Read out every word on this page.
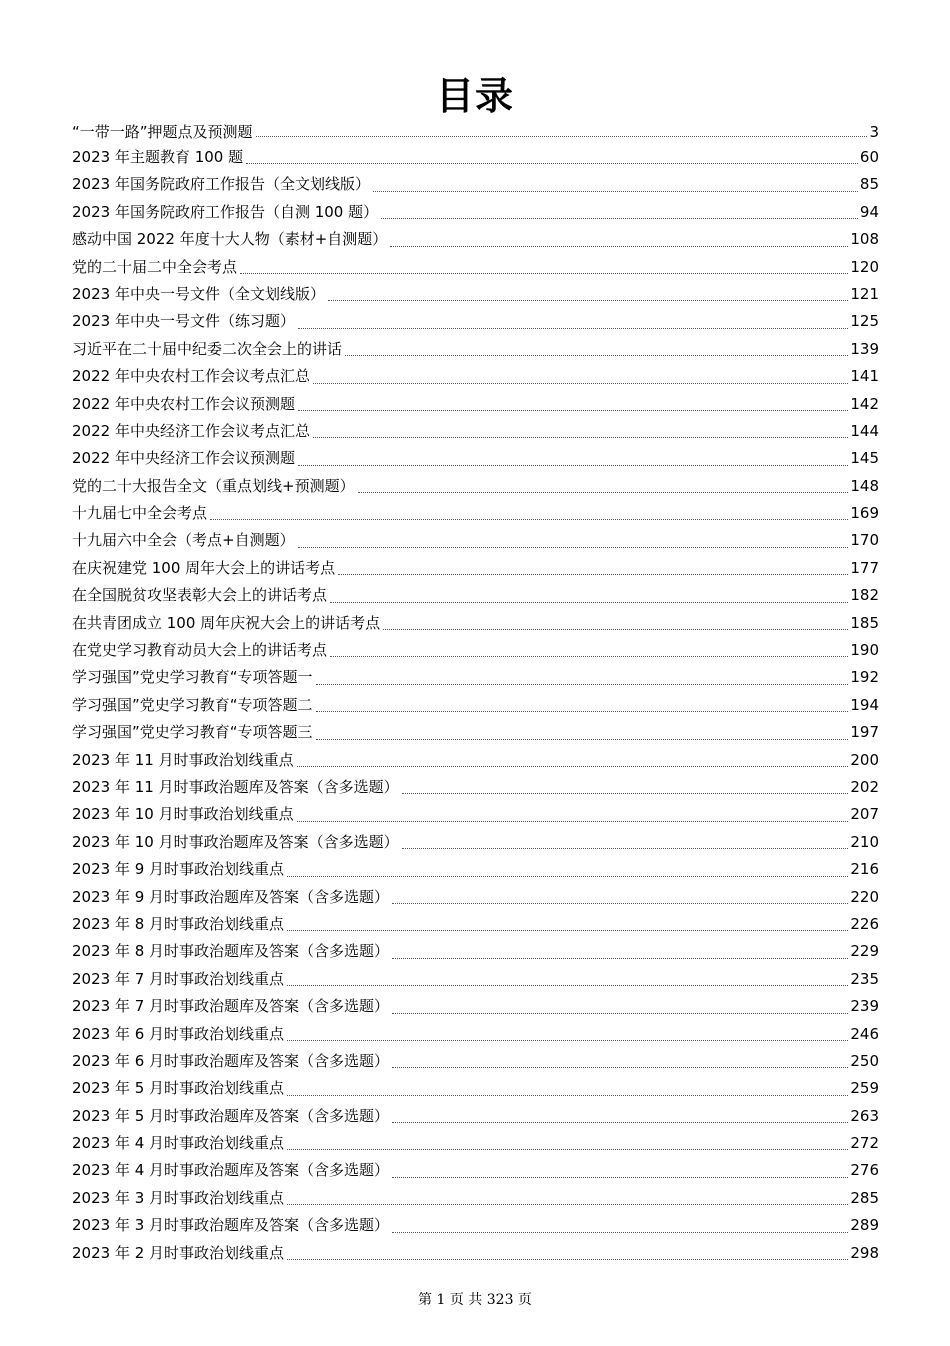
目录
“一带一路”押题点及预测题	3
2023 年主题教育 100 题	60
2023 年国务院政府工作报告（全文划线版）	85
2023 年国务院政府工作报告（自测 100 题）	94
感动中国 2022 年度十大人物（素材+自测题）	108
党的二十届二中全会考点	120
2023 年中央一号文件（全文划线版）	121
2023 年中央一号文件（练习题）	125
习近平在二十届中纪委二次全会上的讲话	139
2022 年中央农村工作会议考点汇总	141
2022 年中央农村工作会议预测题	142
2022 年中央经济工作会议考点汇总	144
2022 年中央经济工作会议预测题	145
党的二十大报告全文（重点划线+预测题）	148
十九届七中全会考点	169
十九届六中全会（考点+自测题）	170
在庆祝建党 100 周年大会上的讲话考点	177
在全国脱贫攻坚表彰大会上的讲话考点	182
在共青团成立 100 周年庆祝大会上的讲话考点	185
在党史学习教育动员大会上的讲话考点	190
学习强国”党史学习教育“专项答题一	192
学习强国”党史学习教育“专项答题二	194
学习强国”党史学习教育“专项答题三	197
2023 年 11 月时事政治划线重点	200
2023 年 11 月时事政治题库及答案（含多选题）	202
2023 年 10 月时事政治划线重点	207
2023 年 10 月时事政治题库及答案（含多选题）	210
2023 年 9 月时事政治划线重点	216
2023 年 9 月时事政治题库及答案（含多选题）	220
2023 年 8 月时事政治划线重点	226
2023 年 8 月时事政治题库及答案（含多选题）	229
2023 年 7 月时事政治划线重点	235
2023 年 7 月时事政治题库及答案（含多选题）	239
2023 年 6 月时事政治划线重点	246
2023 年 6 月时事政治题库及答案（含多选题）	250
2023 年 5 月时事政治划线重点	259
2023 年 5 月时事政治题库及答案（含多选题）	263
2023 年 4 月时事政治划线重点	272
2023 年 4 月时事政治题库及答案（含多选题）	276
2023 年 3 月时事政治划线重点	285
2023 年 3 月时事政治题库及答案（含多选题）	289
2023 年 2 月时事政治划线重点	298
第 1 页 共 323 页
